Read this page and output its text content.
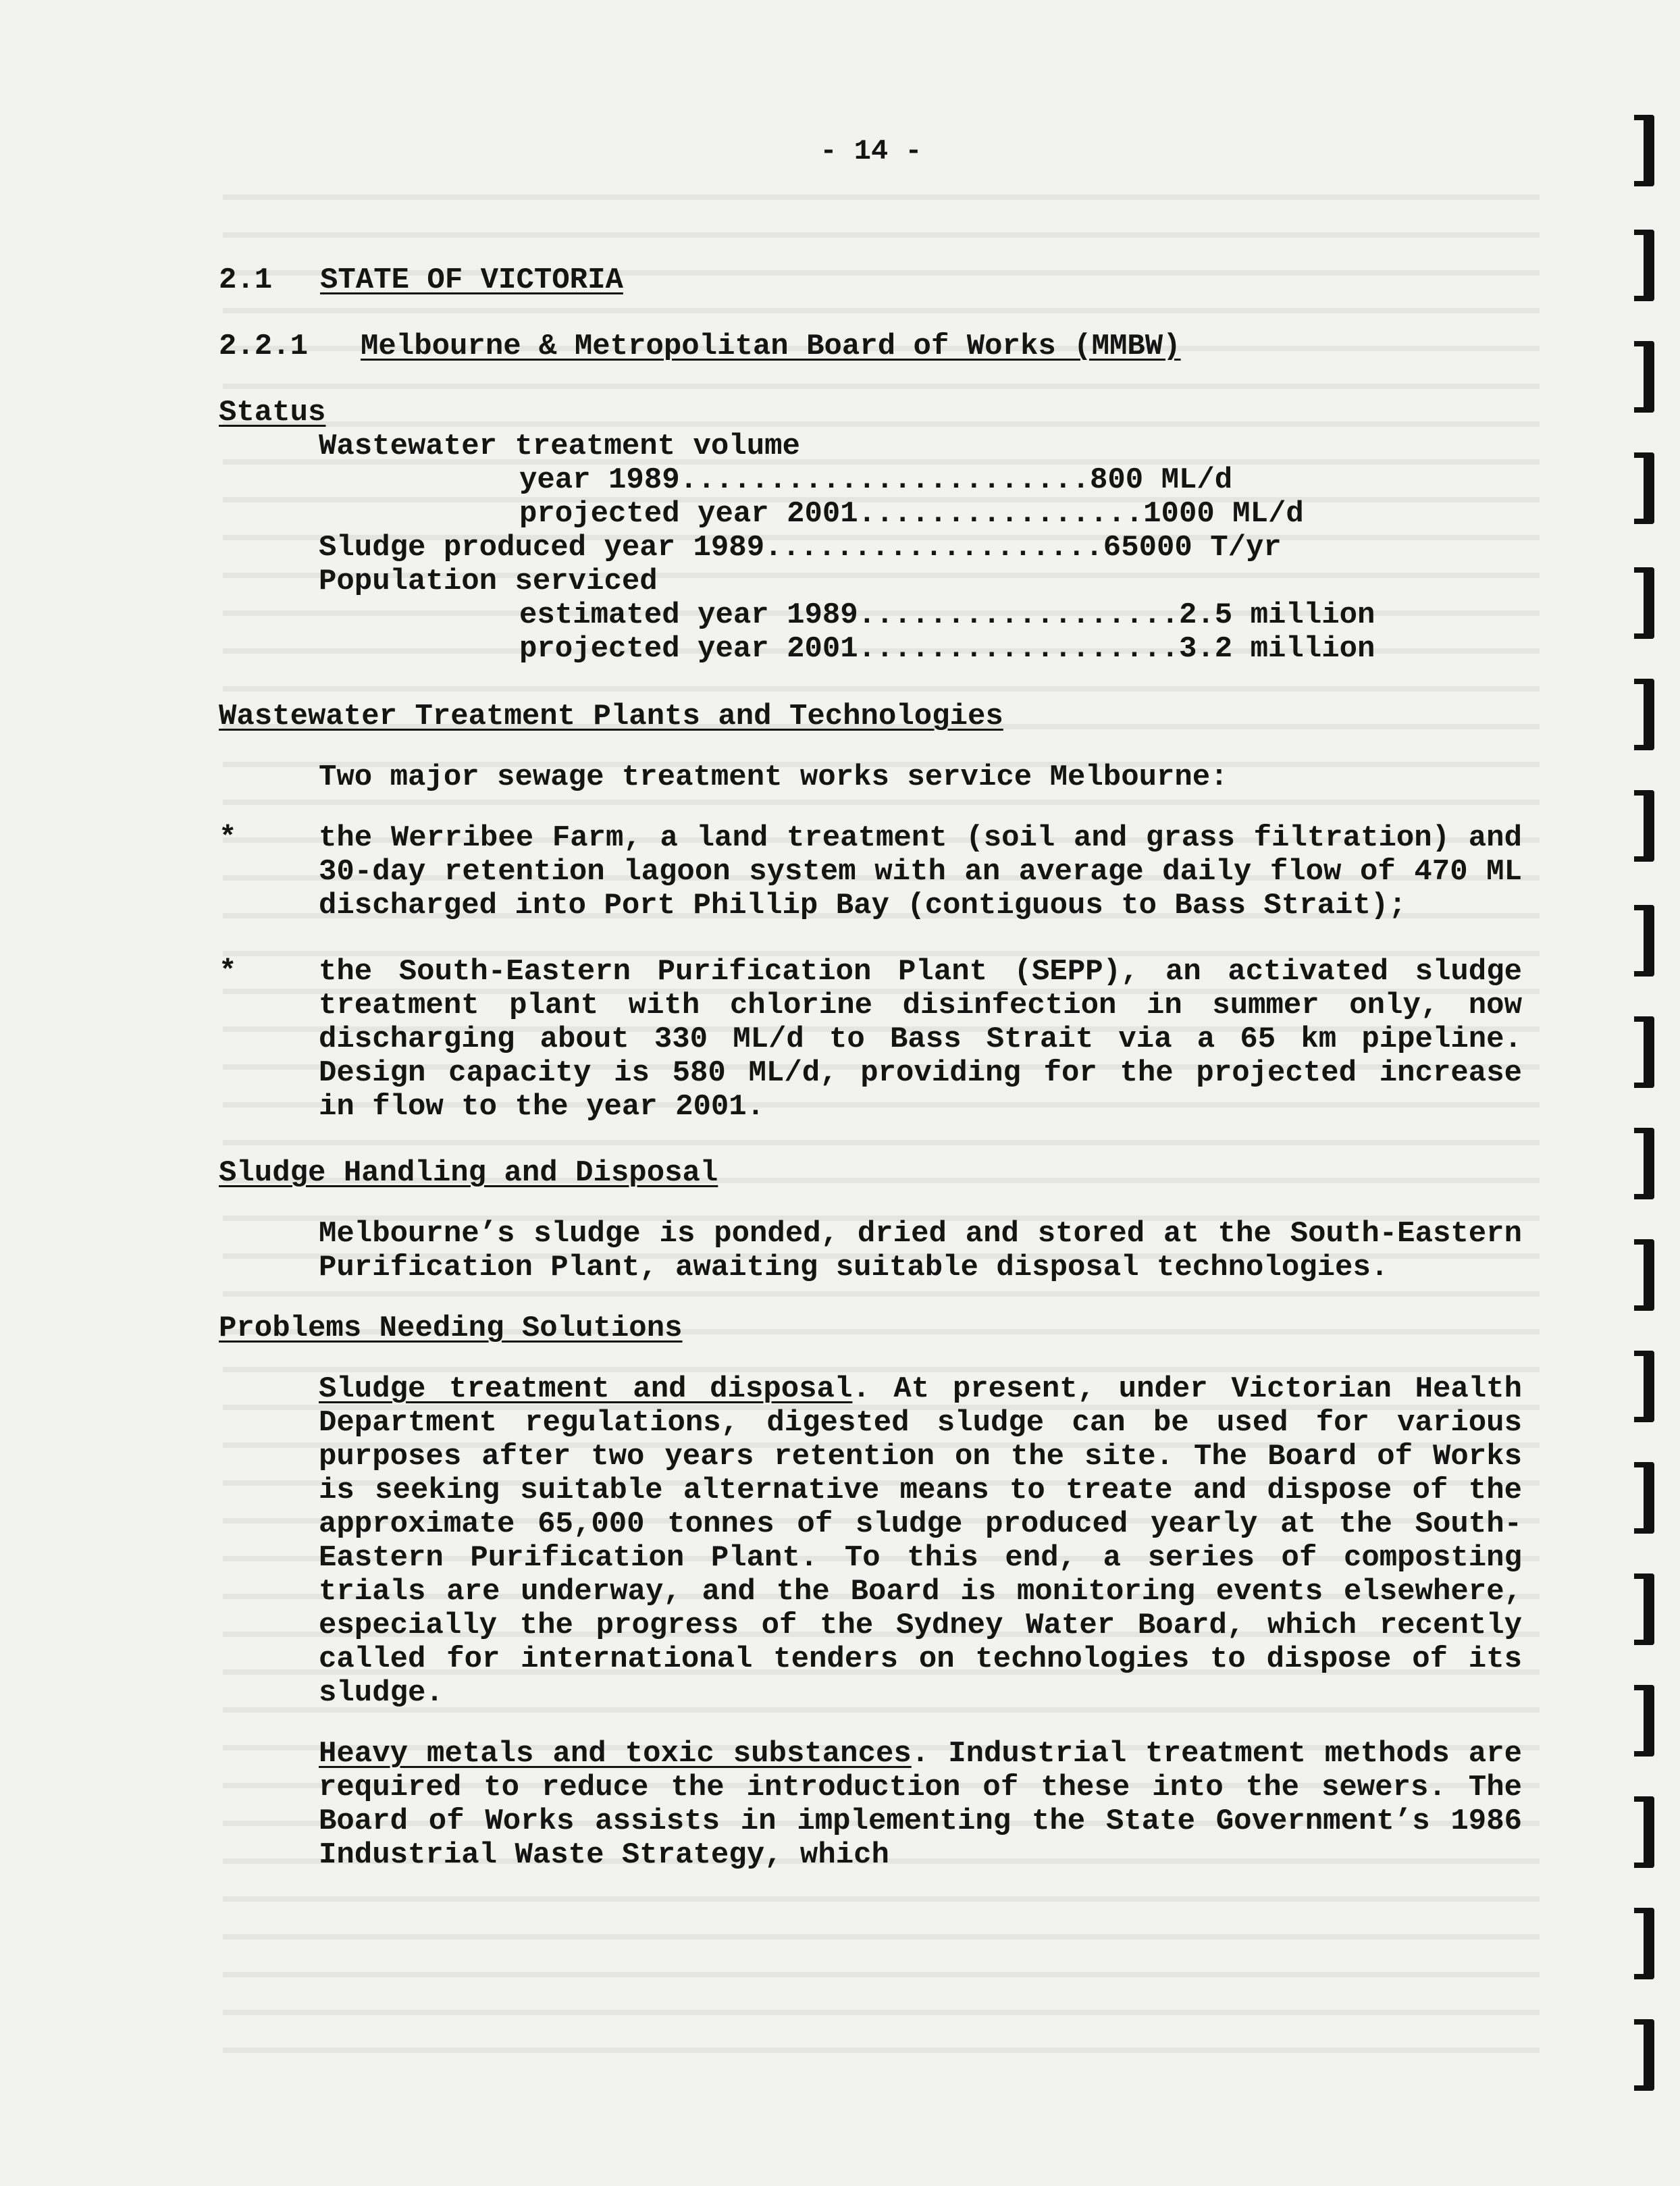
- 14 -
2.1	STATE OF VICTORIA
2.2.1	Melbourne & Metropolitan Board of Works (MMBW)
Status
Wastewater treatment volume
year 1989...................... .800 ML/d
projected year 2001............... .1000 ML/d
Sludge produced year 1989.................. .65000 T/yr
Population serviced
estimated year 1989................. .2.5 million
projected year 2001................. .3.2 million
Wastewater Treatment Plants and Technologies

Two major sewage treatment works service Melbourne:

*	the Werribee Farm, a land treatment (soil and grass filtration) and 30-day retention lagoon system with an average daily flow of 470 ML discharged into Port Phillip Bay (contiguous to Bass Strait);
*	the South-Eastern Purification Plant (SEPP), an activated sludge treatment plant with chlorine disinfection in summer only, now discharging about 330 ML/d to Bass Strait via a 65 km pipeline. Design capacity is 580 ML/d, providing for the projected increase in flow to the year 2001.
Sludge Handling and Disposal

Melbourne’s sludge is ponded, dried and stored at the South-Eastern Purification Plant, awaiting suitable disposal technologies.

Problems Needing Solutions

Sludge treatment and disposal. At present, under Victorian Health Department regulations, digested sludge can be used for various purposes after two years retention on the site. The Board of Works is seeking suitable alternative means to treate and dispose of the approximate 65,000 tonnes of sludge produced yearly at the South-Eastern Purification Plant. To this end, a series of composting trials are underway, and the Board is monitoring events elsewhere, especially the progress of the Sydney Water Board, which recently called for international tenders on technologies to dispose of its sludge.

Heavy metals and toxic substances. Industrial treatment methods are required to reduce the introduction of these into the sewers. The Board of Works assists in implementing the State Government’s 1986 Industrial Waste Strategy, which
